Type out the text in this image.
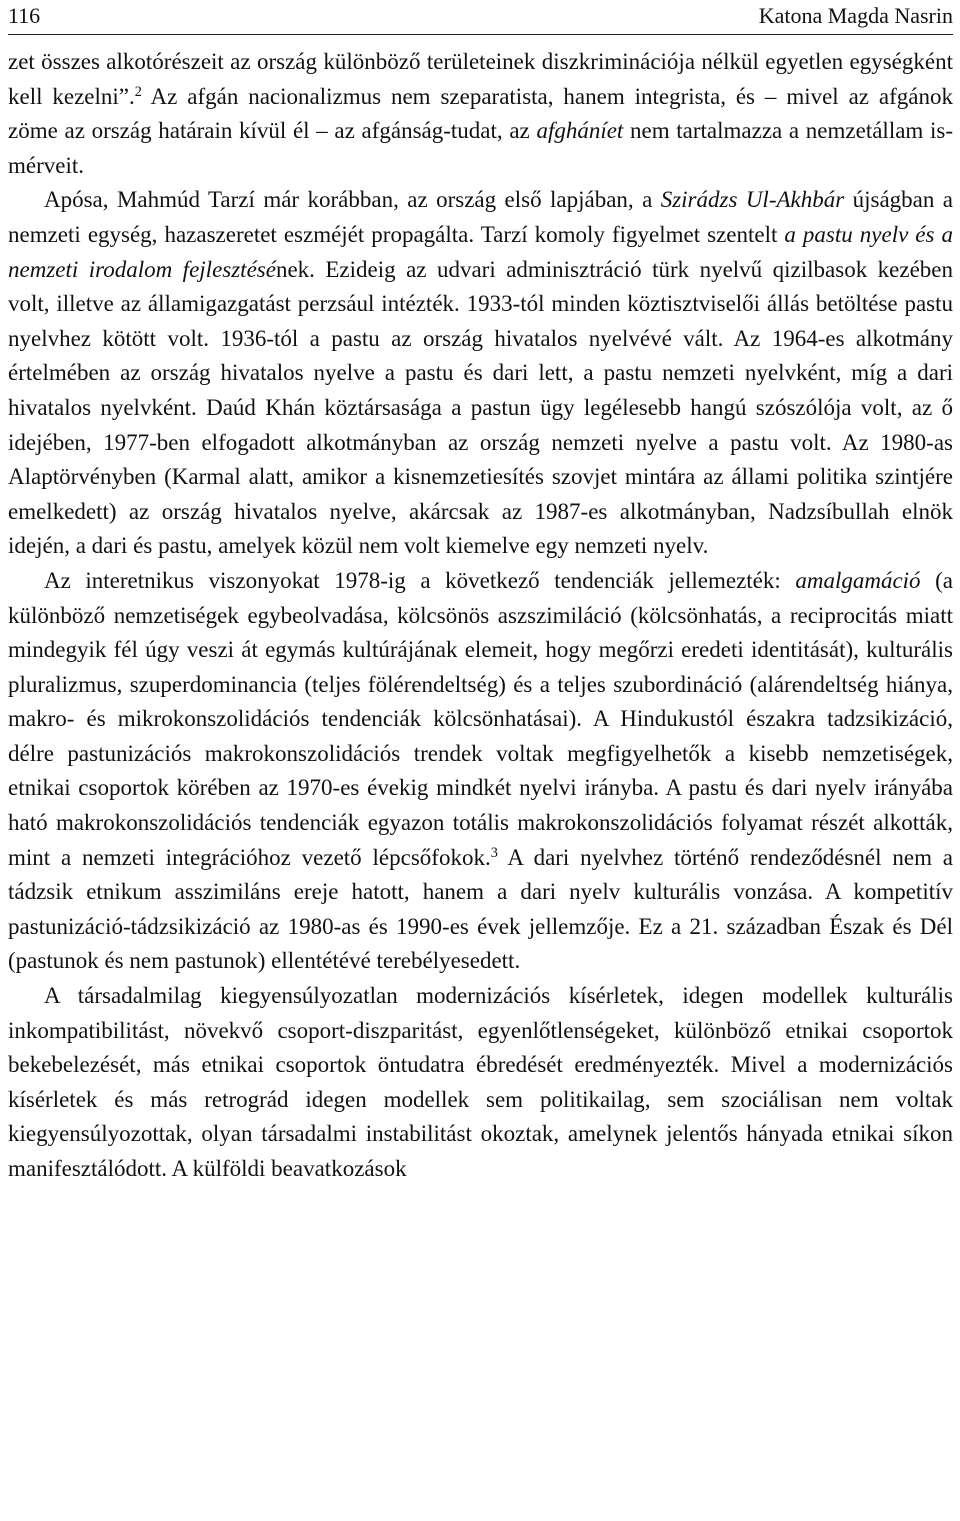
116	Katona Magda Nasrin

zet összes alkotórészeit az ország különböző területeinek diszkriminációja nélkül egyetlen egységként kell kezelni”.$^2$ Az afgán nacionalizmus nem szeparatista, hanem integrista, és – mivel az afgánok zöme az ország határain kívül él – az afgánság-tudat, az afgháníet nem tartalmazza a nemzetállam ismérveit.

Apósa, Mahmúd Tarzí már korábban, az ország első lapjában, a Szirádzs Ul-Akhbár újságban a nemzeti egység, hazaszeretet eszméjét propagálta. Tarzí komoly figyelmet szentelt a pastu nyelv és a nemzeti irodalom fejlesztésének. Ezideig az udvari adminisztráció türk nyelvű qizilbasok kezében volt, illetve az államigazgatást perzsául intézték. 1933-tól minden köztisztviselői állás betöltése pastu nyelvhez kötött volt. 1936-tól a pastu az ország hivatalos nyelvévé vált. Az 1964-es alkotmány értelmében az ország hivatalos nyelve a pastu és dari lett, a pastu nemzeti nyelvként, míg a dari hivatalos nyelvként. Daúd Khán köztársasága a pastun ügy legélesebb hangú szószólója volt, az ő idejében, 1977-ben elfogadott alkotmányban az ország nemzeti nyelve a pastu volt. Az 1980-as Alaptörvényben (Karmal alatt, amikor a kisnemzetiesítés szovjet mintára az állami politika szintjére emelkedett) az ország hivatalos nyelve, akárcsak az 1987-es alkotmányban, Nadzsíbullah elnök idején, a dari és pastu, amelyek közül nem volt kiemelve egy nemzeti nyelv.

Az interetnikus viszonyokat 1978-ig a következő tendenciák jellemezték: amalgamáció (a különböző nemzetiségek egybeolvadása, kölcsönös aszszimiláció (kölcsönhatás, a reciprocitás miatt mindegyik fél úgy veszi át egymás kultúrájának elemeit, hogy megőrzi eredeti identitását), kulturális pluralizmus, szuperdominancia (teljes fölérendeltség) és a teljes szubordináció (alárendeltség hiánya, makro- és mikrokonszolidációs tendenciák kölcsönhatásai). A Hindukustól északra tadzsikizáció, délre pastunizációs makrokonszolidációs trendek voltak megfigyelhetők a kisebb nemzetiségek, etnikai csoportok körében az 1970-es évekig mindkét nyelvi irányba. A pastu és dari nyelv irányába ható makrokonszolidációs tendenciák egyazon totális makrokonszolidációs folyamat részét alkották, mint a nemzeti integrációhoz vezető lépcsőfokok.$^3$ A dari nyelvhez történő rendeződésnél nem a tádzsik etnikum asszimiláns ereje hatott, hanem a dari nyelv kulturális vonzása. A kompetitív pastunizáció-tádzsikizáció az 1980-as és 1990-es évek jellemzője. Ez a 21. században Észak és Dél (pastunok és nem pastunok) ellentétévé terebélyesedett.

A társadalmilag kiegyensúlyozatlan modernizációs kísérletek, idegen modellek kulturális inkompatibilitást, növekvő csoport-diszparitást, egyenlőtlenségeket, különböző etnikai csoportok bekebelezését, más etnikai csoportok öntudatra ébredését eredményezték. Mivel a modernizációs kísérletek és más retrográd idegen modellek sem politikailag, sem szociálisan nem voltak kiegyensúlyozottak, olyan társadalmi instabilitást okoztak, amelynek jelentős hányada etnikai síkon manifesztálódott. A külföldi beavatkozások
